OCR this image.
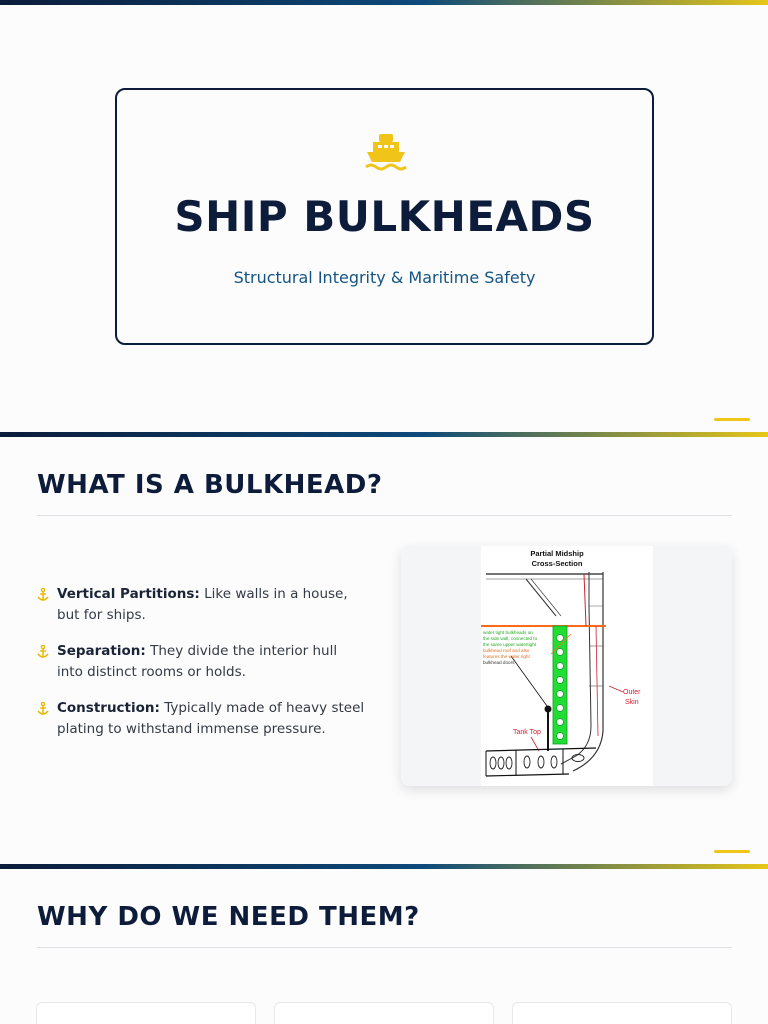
SHIP BULKHEADS
Structural Integrity & Maritime Safety
WHAT IS A BULKHEAD?
Vertical Partitions: Like walls in a house, but for ships.
Separation: They divide the interior hull into distinct rooms or holds.
Construction: Typically made of heavy steel plating to withstand immense pressure.
Partial Midship
Cross-Section
water tight bulkheads on
the side wall, connected to
the same upper watertight
bulkhead roof and also
features the water tight
bulkhead doors
Outer
Skin
Tank Top
WHY DO WE NEED THEM?
